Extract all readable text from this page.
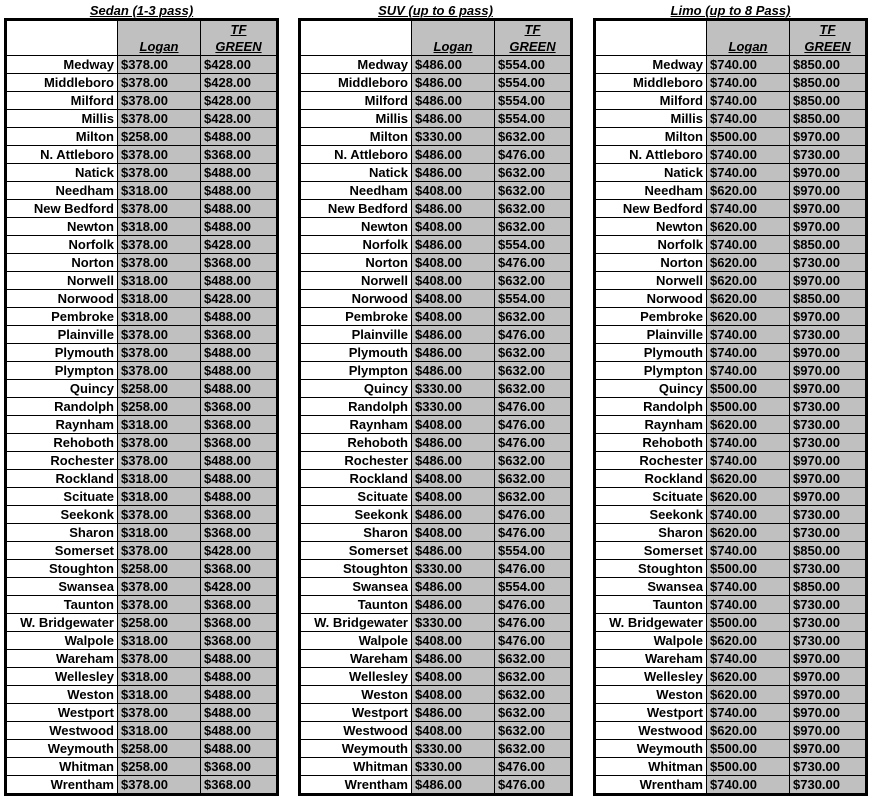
Sedan (1-3 pass)
		TF
	Logan	GREEN
Medway	$378.00	$428.00
Middleboro	$378.00	$428.00
Milford	$378.00	$428.00
Millis	$378.00	$428.00
Milton	$258.00	$488.00
N. Attleboro	$378.00	$368.00
Natick	$378.00	$488.00
Needham	$318.00	$488.00
New Bedford	$378.00	$488.00
Newton	$318.00	$488.00
Norfolk	$378.00	$428.00
Norton	$378.00	$368.00
Norwell	$318.00	$488.00
Norwood	$318.00	$428.00
Pembroke	$318.00	$488.00
Plainville	$378.00	$368.00
Plymouth	$378.00	$488.00
Plympton	$378.00	$488.00
Quincy	$258.00	$488.00
Randolph	$258.00	$368.00
Raynham	$318.00	$368.00
Rehoboth	$378.00	$368.00
Rochester	$378.00	$488.00
Rockland	$318.00	$488.00
Scituate	$318.00	$488.00
Seekonk	$378.00	$368.00
Sharon	$318.00	$368.00
Somerset	$378.00	$428.00
Stoughton	$258.00	$368.00
Swansea	$378.00	$428.00
Taunton	$378.00	$368.00
W. Bridgewater	$258.00	$368.00
Walpole	$318.00	$368.00
Wareham	$378.00	$488.00
Wellesley	$318.00	$488.00
Weston	$318.00	$488.00
Westport	$378.00	$488.00
Westwood	$318.00	$488.00
Weymouth	$258.00	$488.00
Whitman	$258.00	$368.00
Wrentham	$378.00	$368.00
SUV (up to 6 pass)
		TF
	Logan	GREEN
Medway	$486.00	$554.00
Middleboro	$486.00	$554.00
Milford	$486.00	$554.00
Millis	$486.00	$554.00
Milton	$330.00	$632.00
N. Attleboro	$486.00	$476.00
Natick	$486.00	$632.00
Needham	$408.00	$632.00
New Bedford	$486.00	$632.00
Newton	$408.00	$632.00
Norfolk	$486.00	$554.00
Norton	$408.00	$476.00
Norwell	$408.00	$632.00
Norwood	$408.00	$554.00
Pembroke	$408.00	$632.00
Plainville	$486.00	$476.00
Plymouth	$486.00	$632.00
Plympton	$486.00	$632.00
Quincy	$330.00	$632.00
Randolph	$330.00	$476.00
Raynham	$408.00	$476.00
Rehoboth	$486.00	$476.00
Rochester	$486.00	$632.00
Rockland	$408.00	$632.00
Scituate	$408.00	$632.00
Seekonk	$486.00	$476.00
Sharon	$408.00	$476.00
Somerset	$486.00	$554.00
Stoughton	$330.00	$476.00
Swansea	$486.00	$554.00
Taunton	$486.00	$476.00
W. Bridgewater	$330.00	$476.00
Walpole	$408.00	$476.00
Wareham	$486.00	$632.00
Wellesley	$408.00	$632.00
Weston	$408.00	$632.00
Westport	$486.00	$632.00
Westwood	$408.00	$632.00
Weymouth	$330.00	$632.00
Whitman	$330.00	$476.00
Wrentham	$486.00	$476.00
Limo (up to 8 Pass)
		TF
	Logan	GREEN
Medway	$740.00	$850.00
Middleboro	$740.00	$850.00
Milford	$740.00	$850.00
Millis	$740.00	$850.00
Milton	$500.00	$970.00
N. Attleboro	$740.00	$730.00
Natick	$740.00	$970.00
Needham	$620.00	$970.00
New Bedford	$740.00	$970.00
Newton	$620.00	$970.00
Norfolk	$740.00	$850.00
Norton	$620.00	$730.00
Norwell	$620.00	$970.00
Norwood	$620.00	$850.00
Pembroke	$620.00	$970.00
Plainville	$740.00	$730.00
Plymouth	$740.00	$970.00
Plympton	$740.00	$970.00
Quincy	$500.00	$970.00
Randolph	$500.00	$730.00
Raynham	$620.00	$730.00
Rehoboth	$740.00	$730.00
Rochester	$740.00	$970.00
Rockland	$620.00	$970.00
Scituate	$620.00	$970.00
Seekonk	$740.00	$730.00
Sharon	$620.00	$730.00
Somerset	$740.00	$850.00
Stoughton	$500.00	$730.00
Swansea	$740.00	$850.00
Taunton	$740.00	$730.00
W. Bridgewater	$500.00	$730.00
Walpole	$620.00	$730.00
Wareham	$740.00	$970.00
Wellesley	$620.00	$970.00
Weston	$620.00	$970.00
Westport	$740.00	$970.00
Westwood	$620.00	$970.00
Weymouth	$500.00	$970.00
Whitman	$500.00	$730.00
Wrentham	$740.00	$730.00
